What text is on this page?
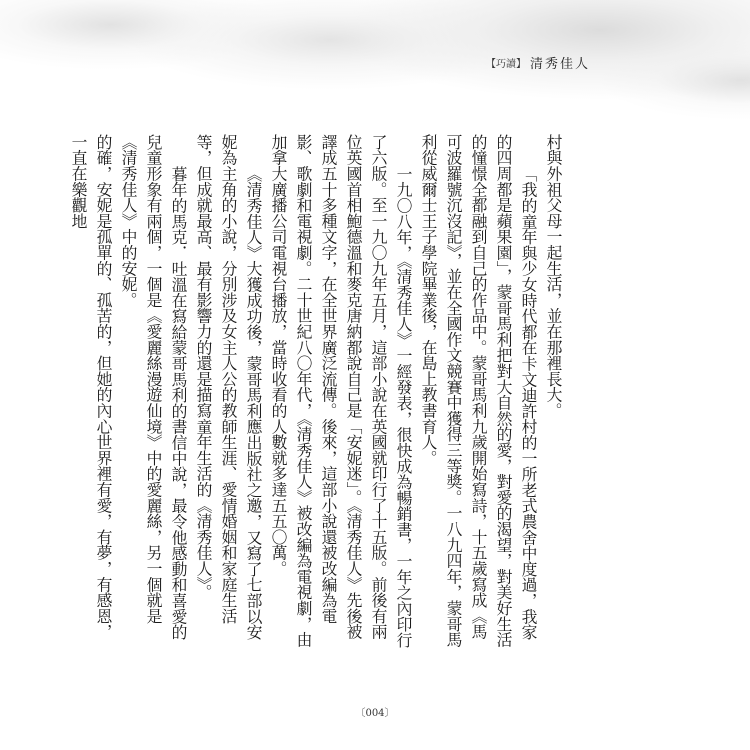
【巧讀】 清秀佳人

村與外祖父母一起生活，並在那裡長大。

「我的童年與少女時代都在卡文迪許村的一所老式農舍中度過，我家的四周都是蘋果園」，蒙哥馬利把對大自然的愛，對愛的渴望，對美好生活的憧憬全都融到自己的作品中。蒙哥馬利九歲開始寫詩，十五歲寫成《馬可波羅號沉沒記》，並在全國作文競賽中獲得三等獎。一八九四年，蒙哥馬利從威爾士王子學院畢業後，在島上教書育人。

一九〇八年，《清秀佳人》一經發表，很快成為暢銷書，一年之內印行了六版。至一九〇九年五月，這部小說在英國就印行了十五版。前後有兩位英國首相鮑德溫和麥克唐納都說自己是「安妮迷」。《清秀佳人》先後被譯成五十多種文字，在全世界廣泛流傳。後來，這部小說還被改編為電影、歌劇和電視劇。二十世紀八〇年代，《清秀佳人》被改編為電視劇，由加拿大廣播公司電視台播放，當時收看的人數就多達五五〇萬。

《清秀佳人》大獲成功後，蒙哥馬利應出版社之邀，又寫了七部以安妮為主角的小說，分別涉及女主人公的教師生涯、愛情婚姻和家庭生活等，但成就最高、最有影響力的還是描寫童年生活的《清秀佳人》。

暮年的馬克．吐溫在寫給蒙哥馬利的書信中說，最令他感動和喜愛的兒童形象有兩個，一個是《愛麗絲漫遊仙境》中的愛麗絲，另一個就是《清秀佳人》中的安妮。

的確，安妮是孤單的、孤苦的，但她的內心世界裡有愛，有夢，有感恩，一直在樂觀地

〔004〕
